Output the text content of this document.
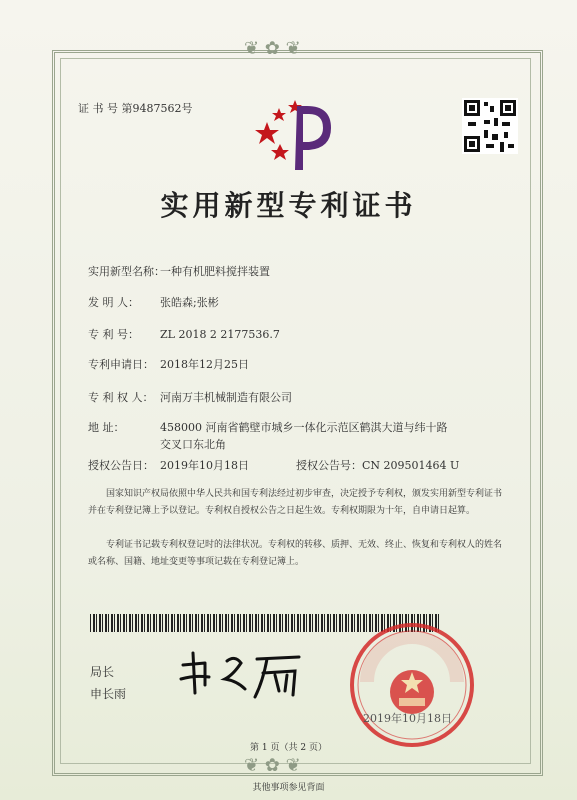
❦ ✿ ❦
❦ ✿ ❦
证 书 号 第9487562号
实用新型专利证书
实用新型名称：一种有机肥料搅拌装置
发 明 人： 张皓森;张彬
专 利 号： ZL 2018 2 2177536.7
专利申请日： 2018年12月25日
专 利 权 人： 河南万丰机械制造有限公司
地 址：	458000 河南省鹤壁市城乡一体化示范区鹤淇大道与纬十路交叉口东北角
授权公告日： 2019年10月18日	授权公告号：CN 209501464 U
国家知识产权局依照中华人民共和国专利法经过初步审查，决定授予专利权，颁发实用新型专利证书并在专利登记簿上予以登记。专利权自授权公告之日起生效。专利权期限为十年，自申请日起算。
专利证书记载专利权登记时的法律状况。专利权的转移、质押、无效、终止、恢复和专利权人的姓名或名称、国籍、地址变更等事项记载在专利登记簿上。
局长
申长雨
2019年10月18日
第 1 页（共 2 页）
其他事项参见背面
